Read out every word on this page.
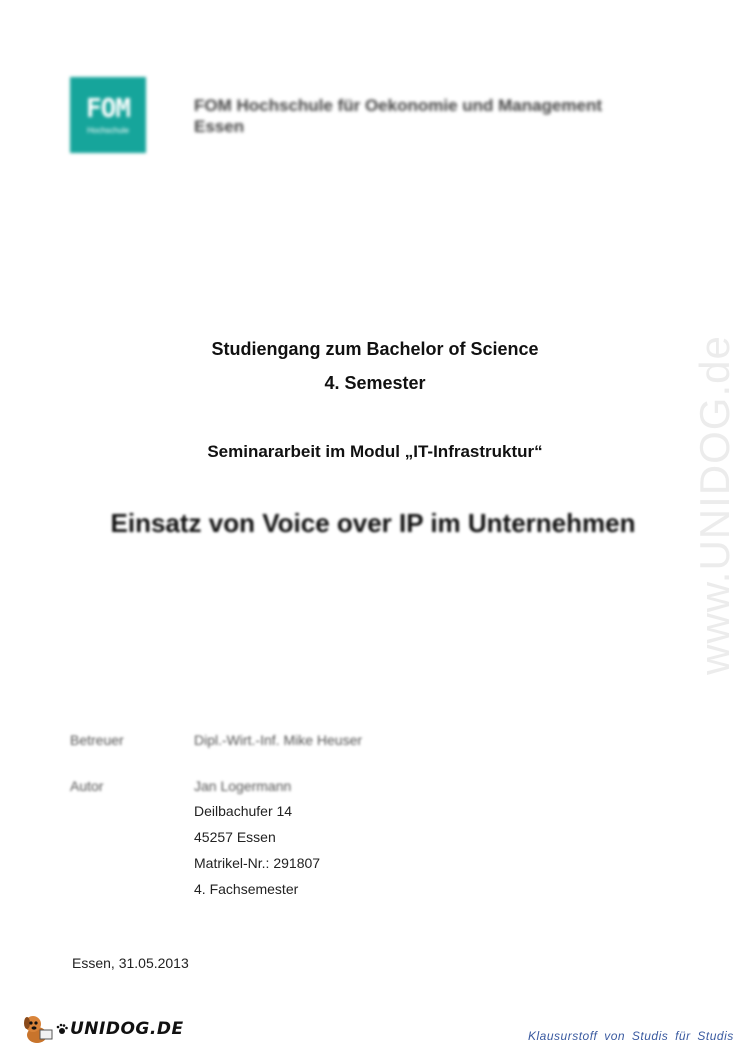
FOM
Hochschule
FOM Hochschule für Oekonomie und Management
Essen
Studiengang zum Bachelor of Science
4. Semester
Seminararbeit im Modul „IT-Infrastruktur“
Einsatz von Voice over IP im Unternehmen
Betreuer	Dipl.-Wirt.-Inf. Mike Heuser
Autor	Jan Logermann
Deilbachufer 14
45257 Essen
Matrikel-Nr.: 291807
4. Fachsemester
Essen, 31.05.2013
www.UNIDOG.de
UNIDOG.DE	Klausurstoff von Studis für Studis
